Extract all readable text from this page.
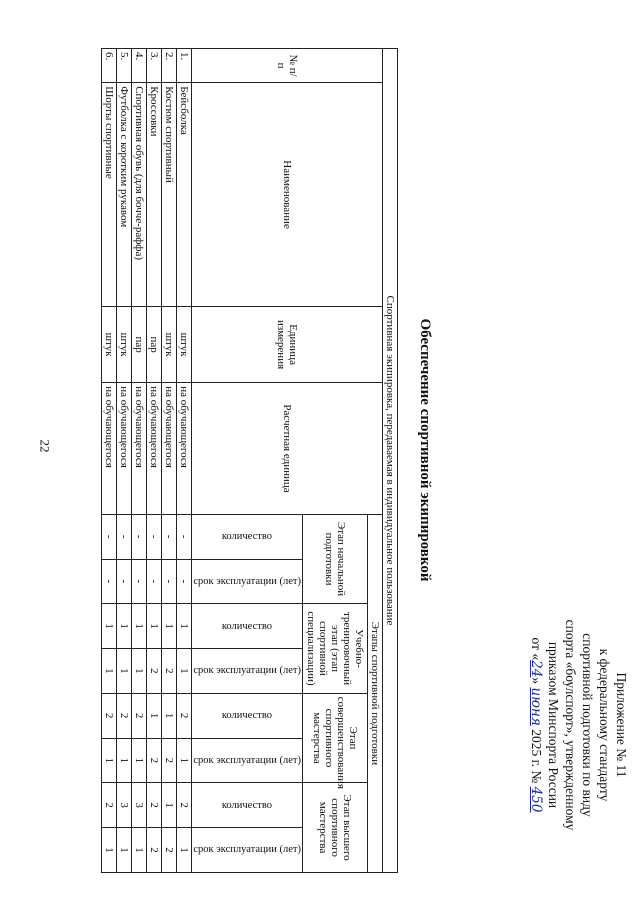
22
Приложение № 11
к федеральному стандарту
спортивной подготовки по виду
спорта «боулспорт», утвержденному
приказом Минспорта России
от «24» июня 2025 г. № 450
Обеспечение спортивной экипировкой
Спортивная экипировка, передаваемая в индивидуальное пользование											
№ п/п	Наименование	Единица измерения	Расчетная единица	Этапы спортивной подготовки							
				Этап начальной подготовки		Учебно-тренировочный этап (этап спортивной специализации)		Этап совершенствования спортивного мастерства		Этап высшего спортивного мастерства	

				количество	срок эксплуатации (лет)	количество	срок эксплуатации (лет)	количество	срок эксплуатации (лет)	количество	срок эксплуатации (лет)

1.	Бейсболка	штук	на обучающегося	-	-	1	1	2	1	2	1
2.	Костюм спортивный	штук	на обучающегося	-	-	1	2	1	2	1	2
3.	Кроссовки	пар	на обучающегося	-	-	1	2	1	2	2	2
4.	Спортивная обувь (для бочче-раффа)	пар	на обучающегося	-	-	1	1	2	1	3	1
5.	Футболка с коротким рукавом	штук	на обучающегося	-	-	1	1	2	1	3	1
6.	Шорты спортивные	штук	на обучающегося	-	-	1	1	2	1	2	1
